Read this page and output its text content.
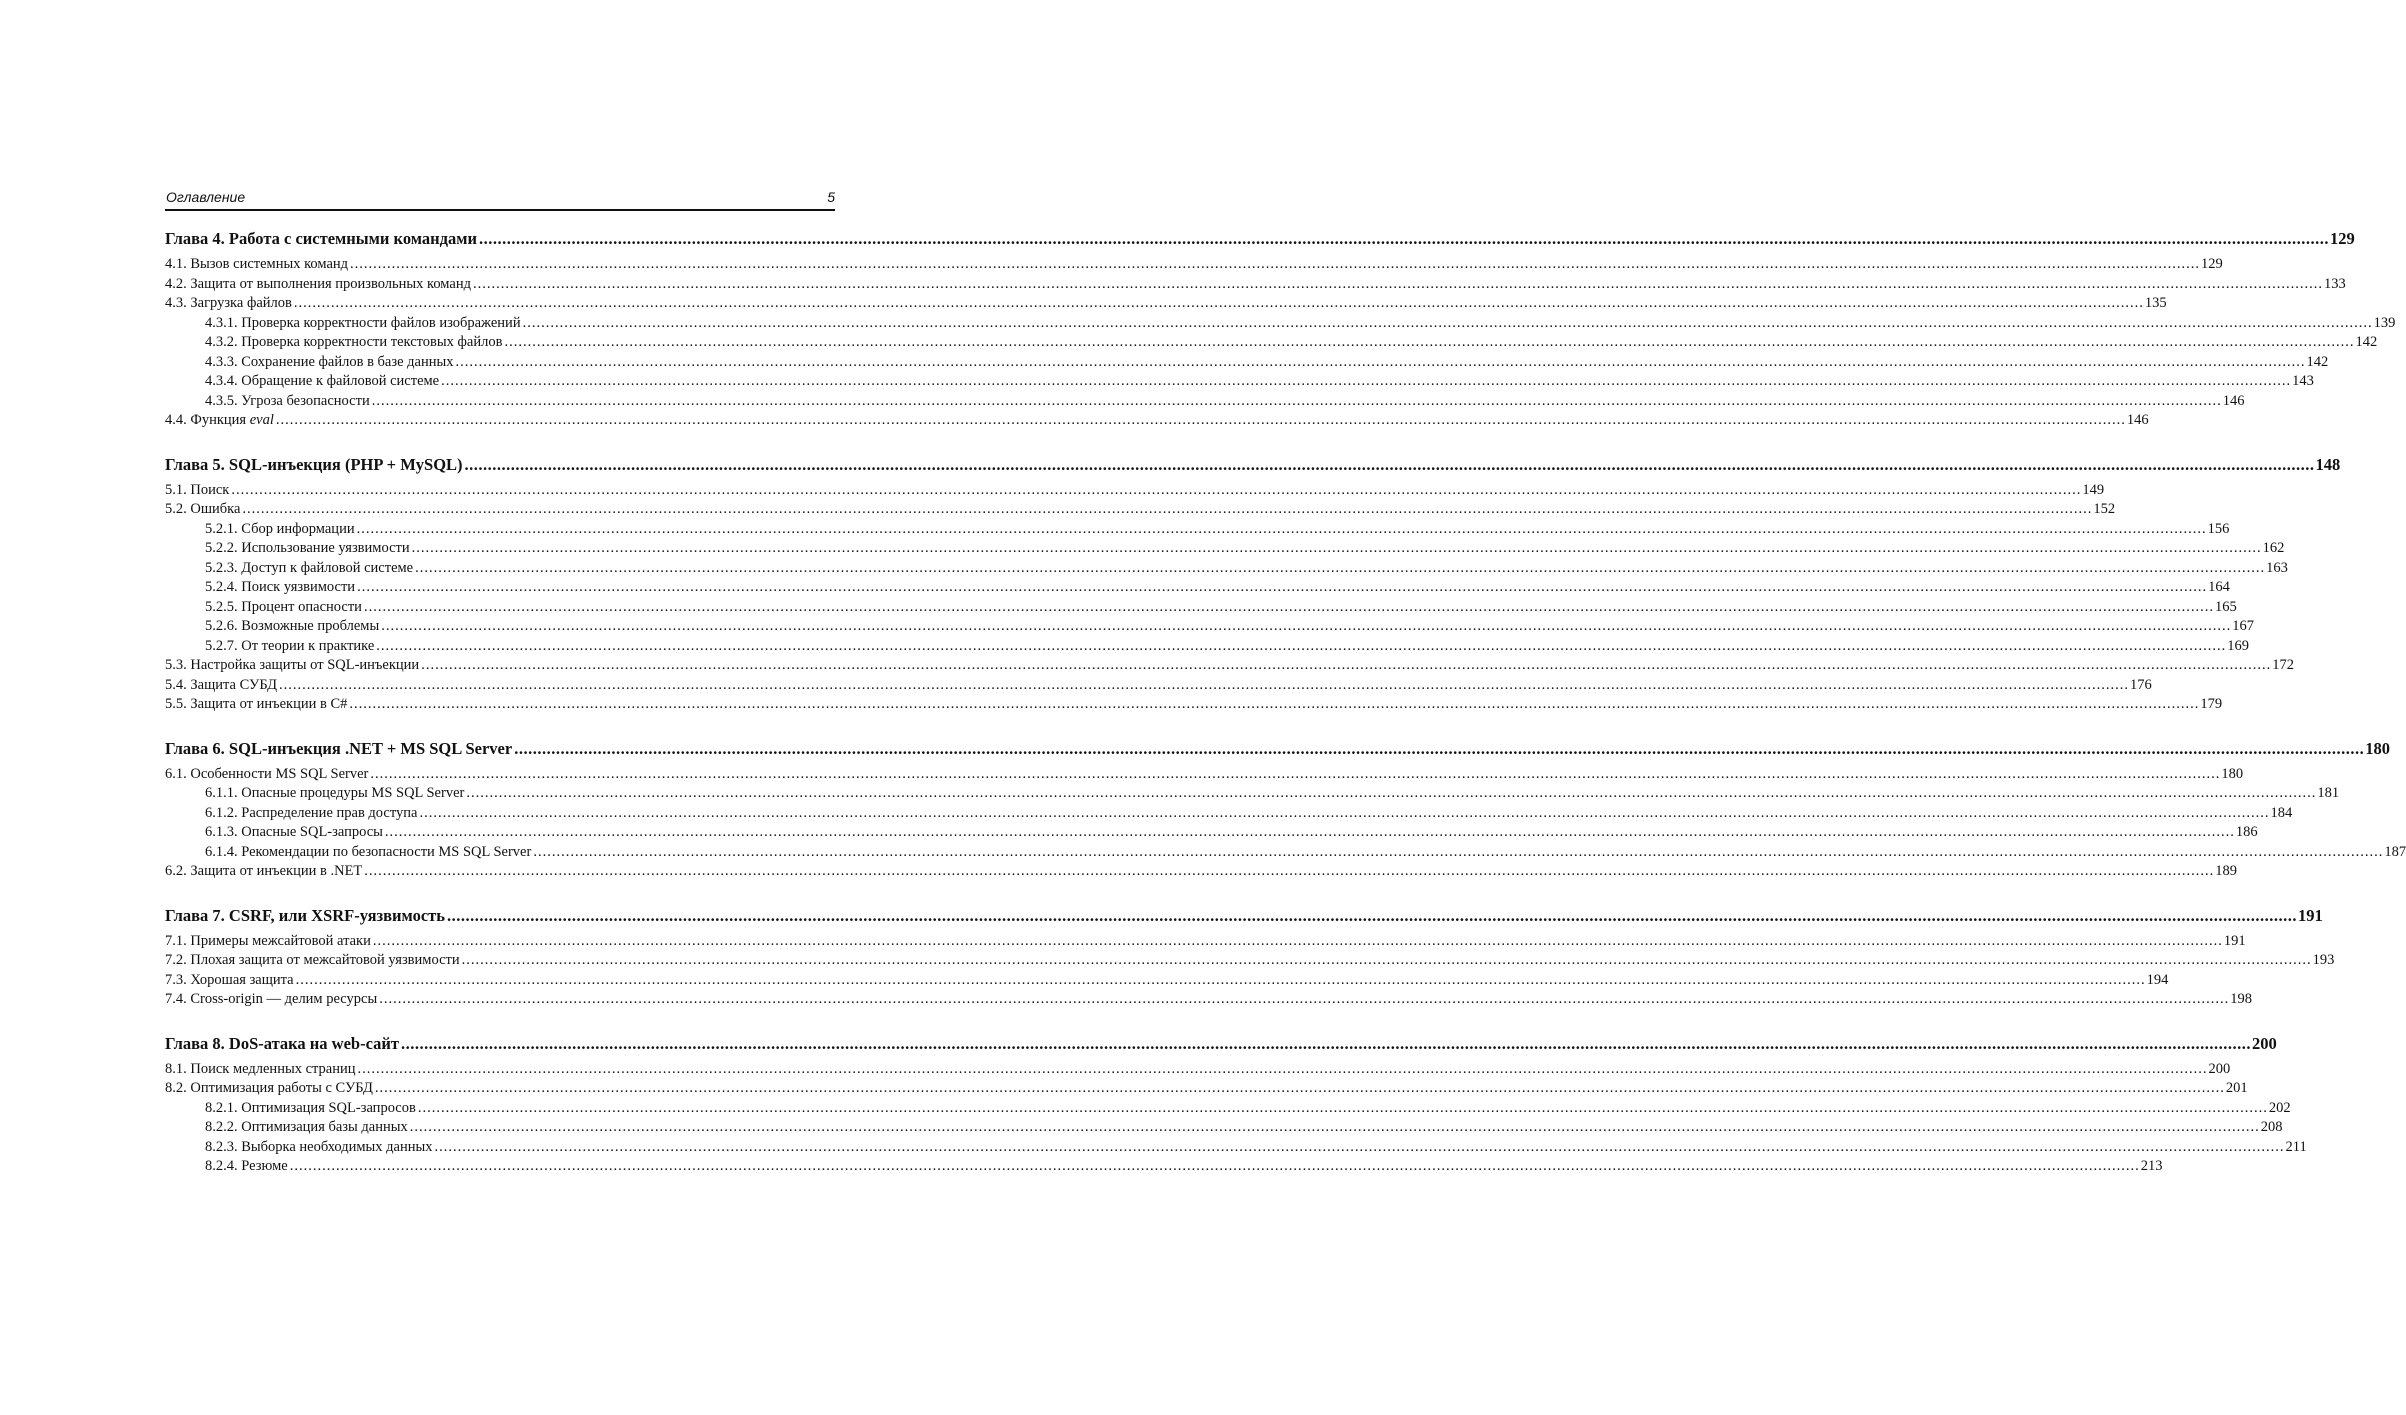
Оглавление	5
Глава 4. Работа с системными командами ................................................................................................................................................................................................................................................................................................................................................................................................................ 129
4.1. Вызов системных команд ................................................................................................................................................................................................................................................................................................................................................................................................................ 129
4.2. Защита от выполнения произвольных команд ................................................................................................................................................................................................................................................................................................................................................................................................................ 133
4.3. Загрузка файлов ................................................................................................................................................................................................................................................................................................................................................................................................................ 135
4.3.1. Проверка корректности файлов изображений ................................................................................................................................................................................................................................................................................................................................................................................................................ 139
4.3.2. Проверка корректности текстовых файлов ................................................................................................................................................................................................................................................................................................................................................................................................................ 142
4.3.3. Сохранение файлов в базе данных ................................................................................................................................................................................................................................................................................................................................................................................................................ 142
4.3.4. Обращение к файловой системе ................................................................................................................................................................................................................................................................................................................................................................................................................ 143
4.3.5. Угроза безопасности ................................................................................................................................................................................................................................................................................................................................................................................................................ 146
4.4. Функция eval ................................................................................................................................................................................................................................................................................................................................................................................................................ 146
Глава 5. SQL-инъекция (PHP + MySQL) ................................................................................................................................................................................................................................................................................................................................................................................................................ 148
5.1. Поиск ................................................................................................................................................................................................................................................................................................................................................................................................................ 149
5.2. Ошибка ................................................................................................................................................................................................................................................................................................................................................................................................................ 152
5.2.1. Сбор информации ................................................................................................................................................................................................................................................................................................................................................................................................................ 156
5.2.2. Использование уязвимости ................................................................................................................................................................................................................................................................................................................................................................................................................ 162
5.2.3. Доступ к файловой системе ................................................................................................................................................................................................................................................................................................................................................................................................................ 163
5.2.4. Поиск уязвимости ................................................................................................................................................................................................................................................................................................................................................................................................................ 164
5.2.5. Процент опасности ................................................................................................................................................................................................................................................................................................................................................................................................................ 165
5.2.6. Возможные проблемы ................................................................................................................................................................................................................................................................................................................................................................................................................ 167
5.2.7. От теории к практике ................................................................................................................................................................................................................................................................................................................................................................................................................ 169
5.3. Настройка защиты от SQL-инъекции ................................................................................................................................................................................................................................................................................................................................................................................................................ 172
5.4. Защита СУБД ................................................................................................................................................................................................................................................................................................................................................................................................................ 176
5.5. Защита от инъекции в C# ................................................................................................................................................................................................................................................................................................................................................................................................................ 179
Глава 6. SQL-инъекция .NET + MS SQL Server ................................................................................................................................................................................................................................................................................................................................................................................................................ 180
6.1. Особенности MS SQL Server ................................................................................................................................................................................................................................................................................................................................................................................................................ 180
6.1.1. Опасные процедуры MS SQL Server ................................................................................................................................................................................................................................................................................................................................................................................................................ 181
6.1.2. Распределение прав доступа ................................................................................................................................................................................................................................................................................................................................................................................................................ 184
6.1.3. Опасные SQL-запросы ................................................................................................................................................................................................................................................................................................................................................................................................................ 186
6.1.4. Рекомендации по безопасности MS SQL Server ................................................................................................................................................................................................................................................................................................................................................................................................................ 187
6.2. Защита от инъекции в .NET ................................................................................................................................................................................................................................................................................................................................................................................................................ 189
Глава 7. CSRF, или XSRF-уязвимость ................................................................................................................................................................................................................................................................................................................................................................................................................ 191
7.1. Примеры межсайтовой атаки ................................................................................................................................................................................................................................................................................................................................................................................................................ 191
7.2. Плохая защита от межсайтовой уязвимости ................................................................................................................................................................................................................................................................................................................................................................................................................ 193
7.3. Хорошая защита ................................................................................................................................................................................................................................................................................................................................................................................................................ 194
7.4. Cross-origin — делим ресурсы ................................................................................................................................................................................................................................................................................................................................................................................................................ 198
Глава 8. DoS-атака на web-сайт ................................................................................................................................................................................................................................................................................................................................................................................................................ 200
8.1. Поиск медленных страниц ................................................................................................................................................................................................................................................................................................................................................................................................................ 200
8.2. Оптимизация работы с СУБД ................................................................................................................................................................................................................................................................................................................................................................................................................ 201
8.2.1. Оптимизация SQL-запросов ................................................................................................................................................................................................................................................................................................................................................................................................................ 202
8.2.2. Оптимизация базы данных ................................................................................................................................................................................................................................................................................................................................................................................................................ 208
8.2.3. Выборка необходимых данных ................................................................................................................................................................................................................................................................................................................................................................................................................ 211
8.2.4. Резюме ................................................................................................................................................................................................................................................................................................................................................................................................................ 213
